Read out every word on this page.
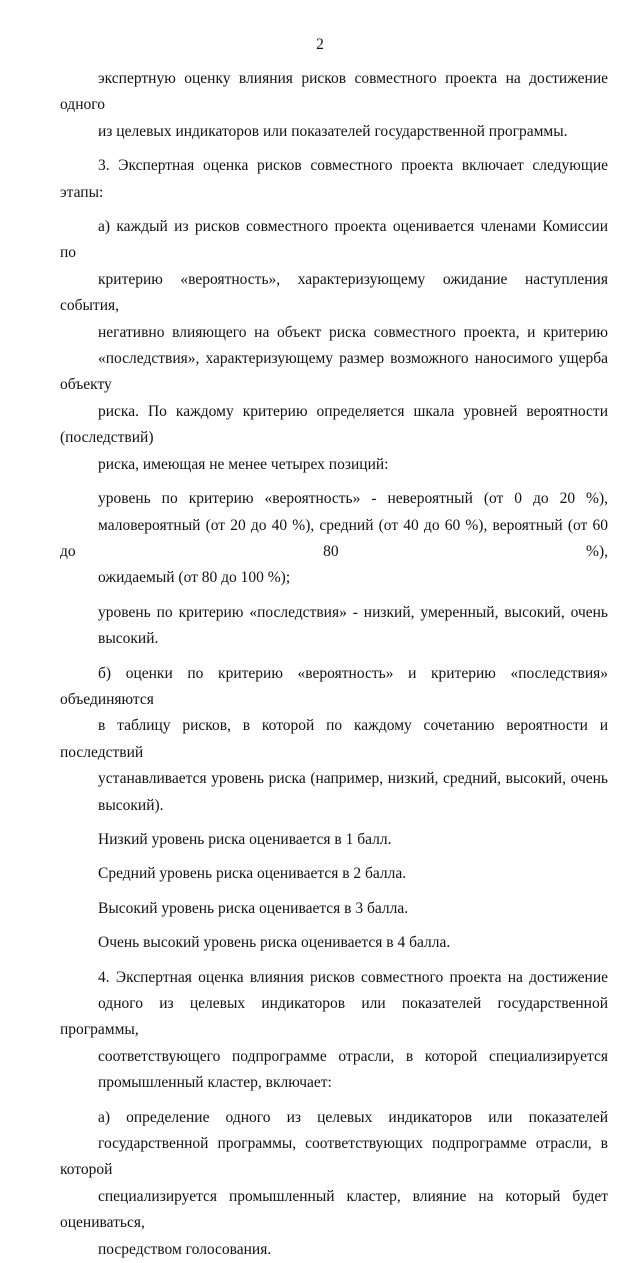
2
экспертную оценку влияния рисков совместного проекта на достижение одного
из целевых индикаторов или показателей государственной программы.
3. Экспертная оценка рисков совместного проекта включает следующие этапы:
а) каждый из рисков совместного проекта оценивается членами Комиссии по
критерию «вероятность», характеризующему ожидание наступления события,
негативно влияющего на объект риска совместного проекта, и критерию
«последствия», характеризующему размер возможного наносимого ущерба объекту
риска. По каждому критерию определяется шкала уровней вероятности (последствий)
риска, имеющая не менее четырех позиций:
уровень по критерию «вероятность» - невероятный (от 0 до 20 %),
маловероятный (от 20 до 40 %), средний (от 40 до 60 %), вероятный (от 60 до 80 %),
ожидаемый (от 80 до 100 %);
уровень по критерию «последствия» - низкий, умеренный, высокий, очень
высокий.
б) оценки по критерию «вероятность» и критерию «последствия» объединяются
в таблицу рисков, в которой по каждому сочетанию вероятности и последствий
устанавливается уровень риска (например, низкий, средний, высокий, очень
высокий).
Низкий уровень риска оценивается в 1 балл.
Средний уровень риска оценивается в 2 балла.
Высокий уровень риска оценивается в 3 балла.
Очень высокий уровень риска оценивается в 4 балла.
4. Экспертная оценка влияния рисков совместного проекта на достижение
одного из целевых индикаторов или показателей государственной программы,
соответствующего подпрограмме отрасли, в которой специализируется
промышленный кластер, включает:
а) определение одного из целевых индикаторов или показателей
государственной программы, соответствующих подпрограмме отрасли, в которой
специализируется промышленный кластер, влияние на который будет оцениваться,
посредством голосования.
